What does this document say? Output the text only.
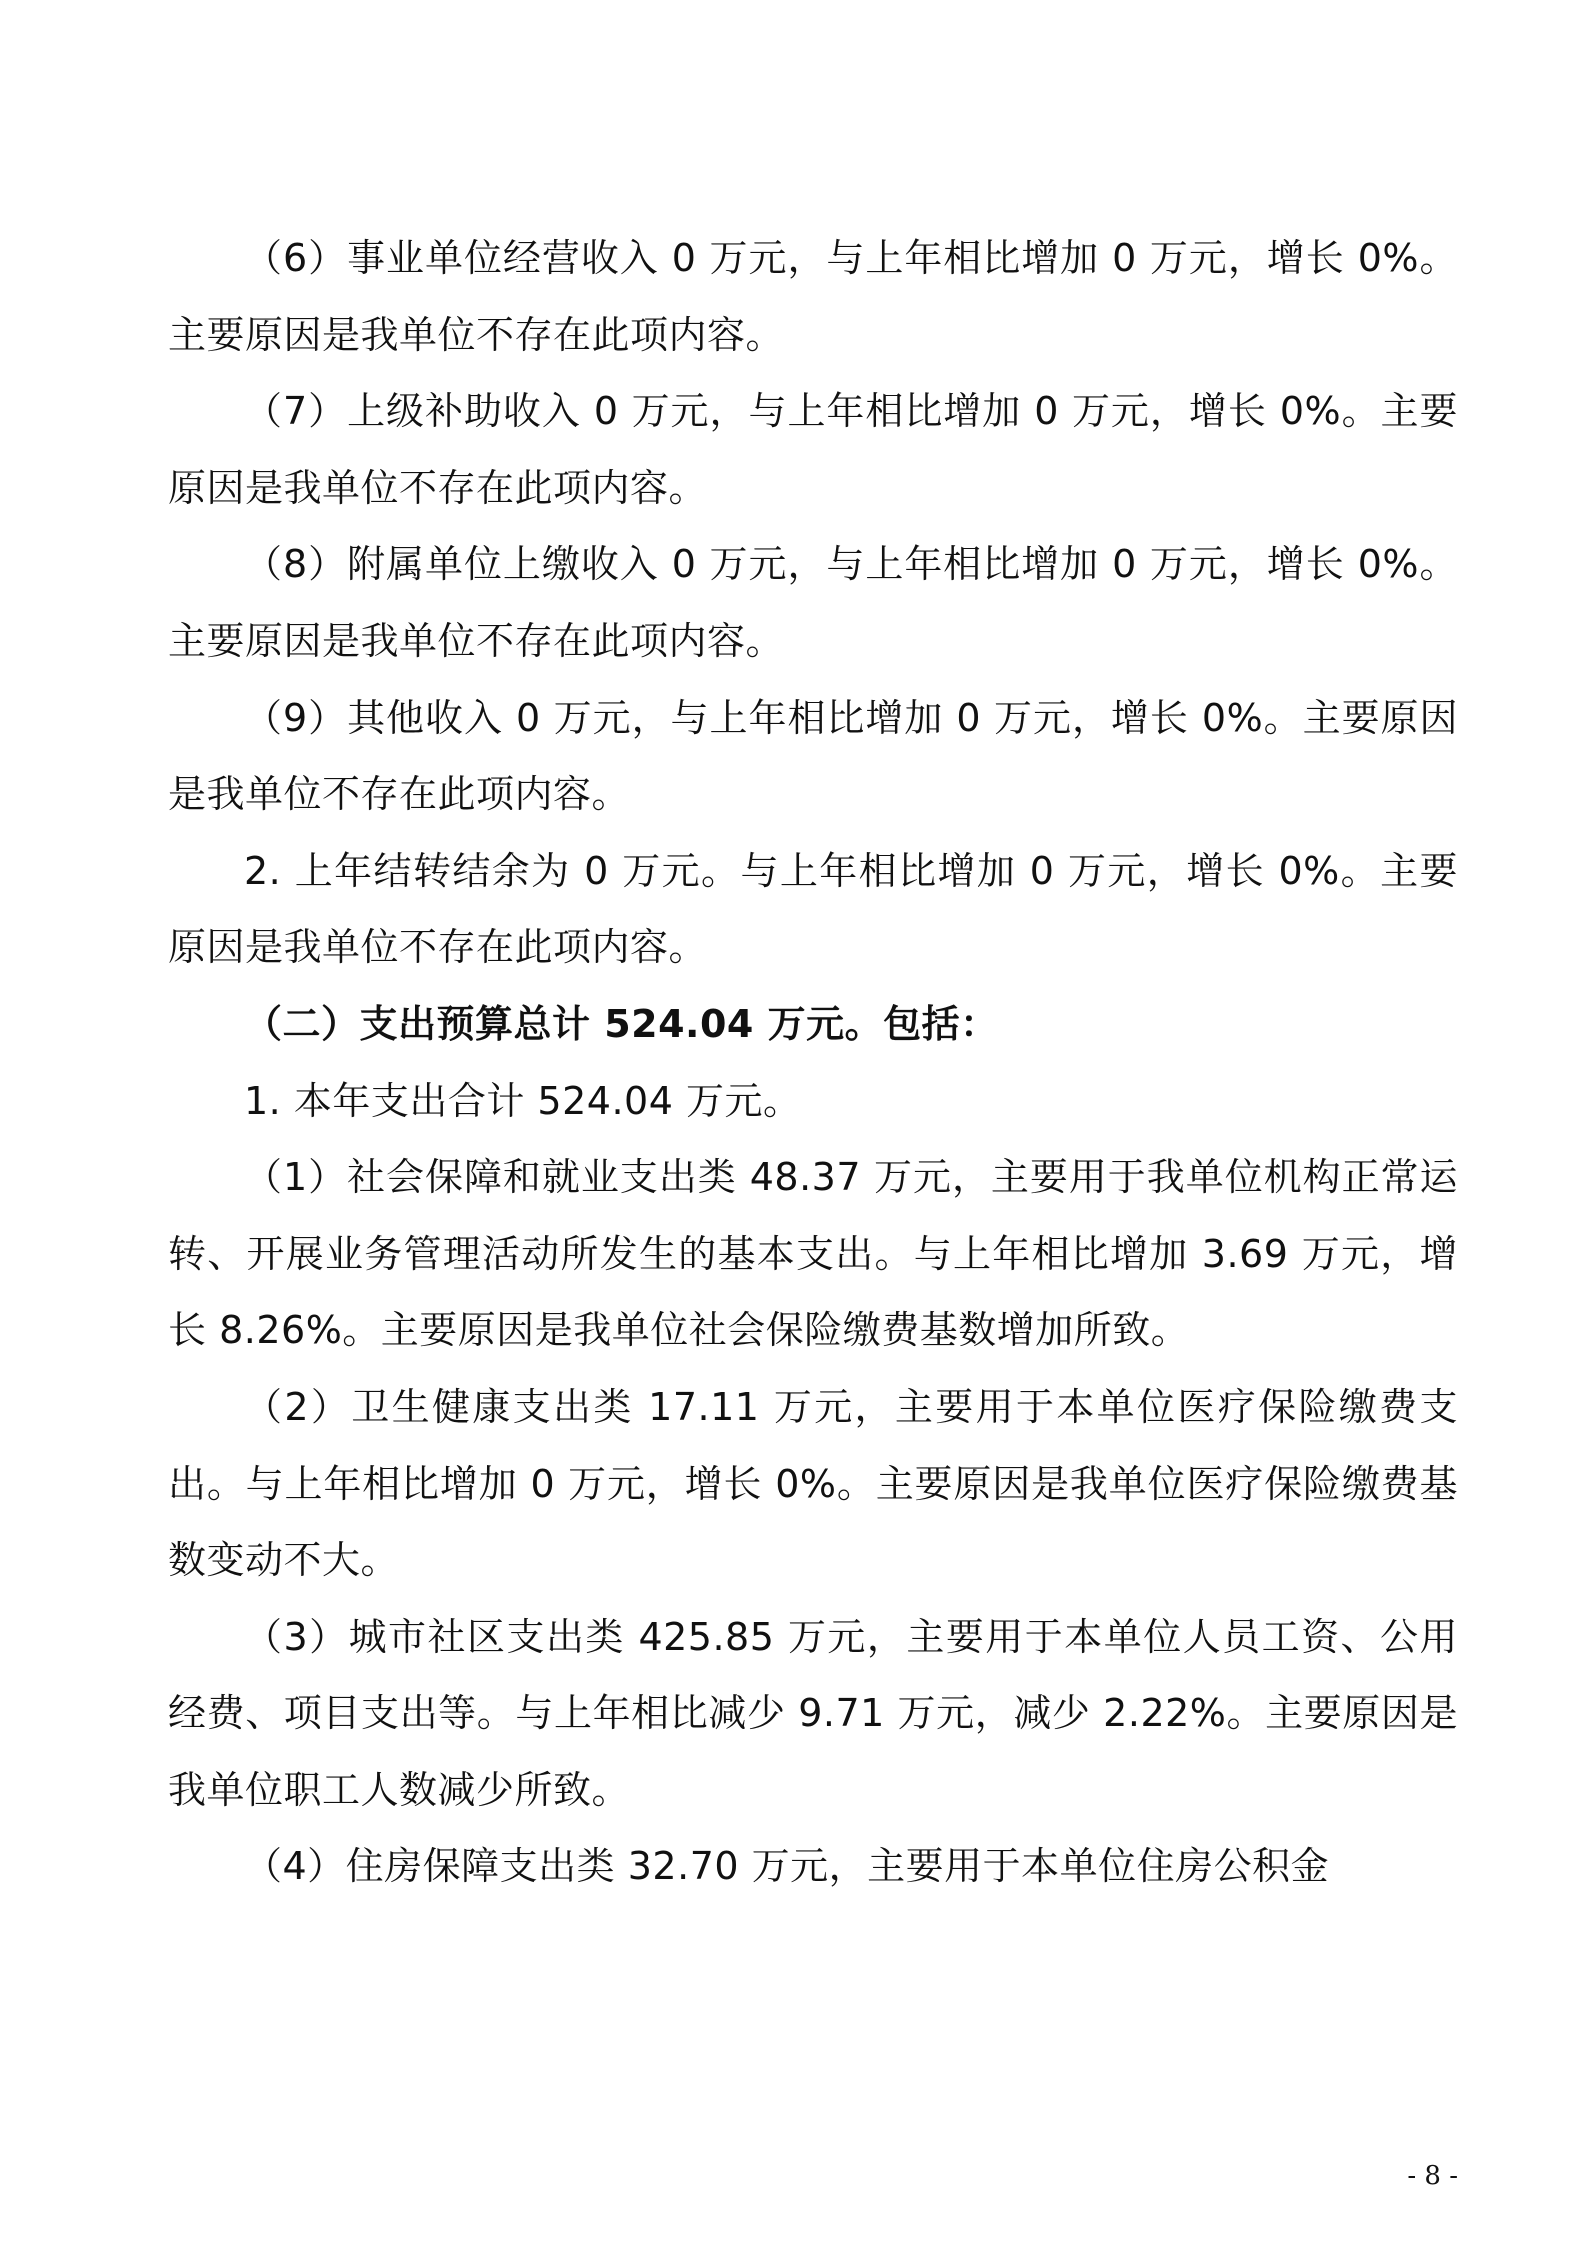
（6）事业单位经营收入 0 万元，与上年相比增加 0 万元，增长 0%。主要原因是我单位不存在此项内容。

（7）上级补助收入 0 万元，与上年相比增加 0 万元，增长 0%。主要原因是我单位不存在此项内容。

（8）附属单位上缴收入 0 万元，与上年相比增加 0 万元，增长 0%。主要原因是我单位不存在此项内容。

（9）其他收入 0 万元，与上年相比增加 0 万元，增长 0%。主要原因是我单位不存在此项内容。

2. 上年结转结余为 0 万元。与上年相比增加 0 万元，增长 0%。主要原因是我单位不存在此项内容。

（二）支出预算总计 524.04 万元。包括：

1. 本年支出合计 524.04 万元。

（1）社会保障和就业支出类 48.37 万元，主要用于我单位机构正常运转、开展业务管理活动所发生的基本支出。与上年相比增加 3.69 万元，增长 8.26%。主要原因是我单位社会保险缴费基数增加所致。

（2）卫生健康支出类 17.11 万元，主要用于本单位医疗保险缴费支出。与上年相比增加 0 万元，增长 0%。主要原因是我单位医疗保险缴费基数变动不大。

（3）城市社区支出类 425.85 万元，主要用于本单位人员工资、公用经费、项目支出等。与上年相比减少 9.71 万元，减少 2.22%。主要原因是我单位职工人数减少所致。

（4）住房保障支出类 32.70 万元，主要用于本单位住房公积金

- 8 -
